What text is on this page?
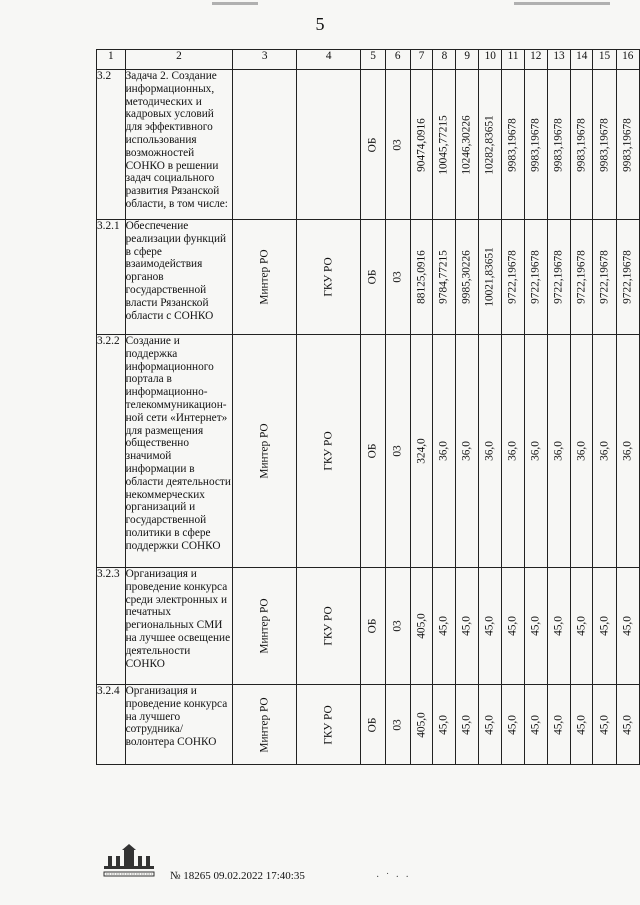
5
1	2	3	4	5	6	7	8	9	10	11	12	13	14	15	16
3.2	Задача 2. Создание информационных, методических и кадровых условий для эффективного использования возможностей СОНКО в решении задач социального развития Рязанской области, в том числе:			ОБ	03	90474,0916	10045,77215	10246,30226	10282,83651	9983,19678	9983,19678	9983,19678	9983,19678	9983,19678	9983,19678

3.2.1	Обеспечение реализации функций в сфере взаимодействия органов государственной власти Рязанской области с СОНКО	Минтер РО	ГКУ РО	ОБ	03	88125,0916	9784,77215	9985,30226	10021,83651	9722,19678	9722,19678	9722,19678	9722,19678	9722,19678	9722,19678

3.2.2	Создание и поддержка информационного портала в информационно-телекоммуникацион-ной сети «Интернет» для размещения общественно значимой информации в области деятельности некоммерческих организаций и государственной политики в сфере поддержки СОНКО	Минтер РО	ГКУ РО	ОБ	03	324,0	36,0	36,0	36,0	36,0	36,0	36,0	36,0	36,0	36,0

3.2.3	Организация и проведение конкурса среди электронных и печатных региональных СМИ на лучшее освещение деятельности СОНКО	Минтер РО	ГКУ РО	ОБ	03	405,0	45,0	45,0	45,0	45,0	45,0	45,0	45,0	45,0	45,0

3.2.4	Организация и проведение конкурса на лучшего сотрудника/ волонтера СОНКО	Минтер РО	ГКУ РО	ОБ	03	405,0	45,0	45,0	45,0	45,0	45,0	45,0	45,0	45,0	45,0
№ 18265 09.02.2022 17:40:35	· ˙ · ·
